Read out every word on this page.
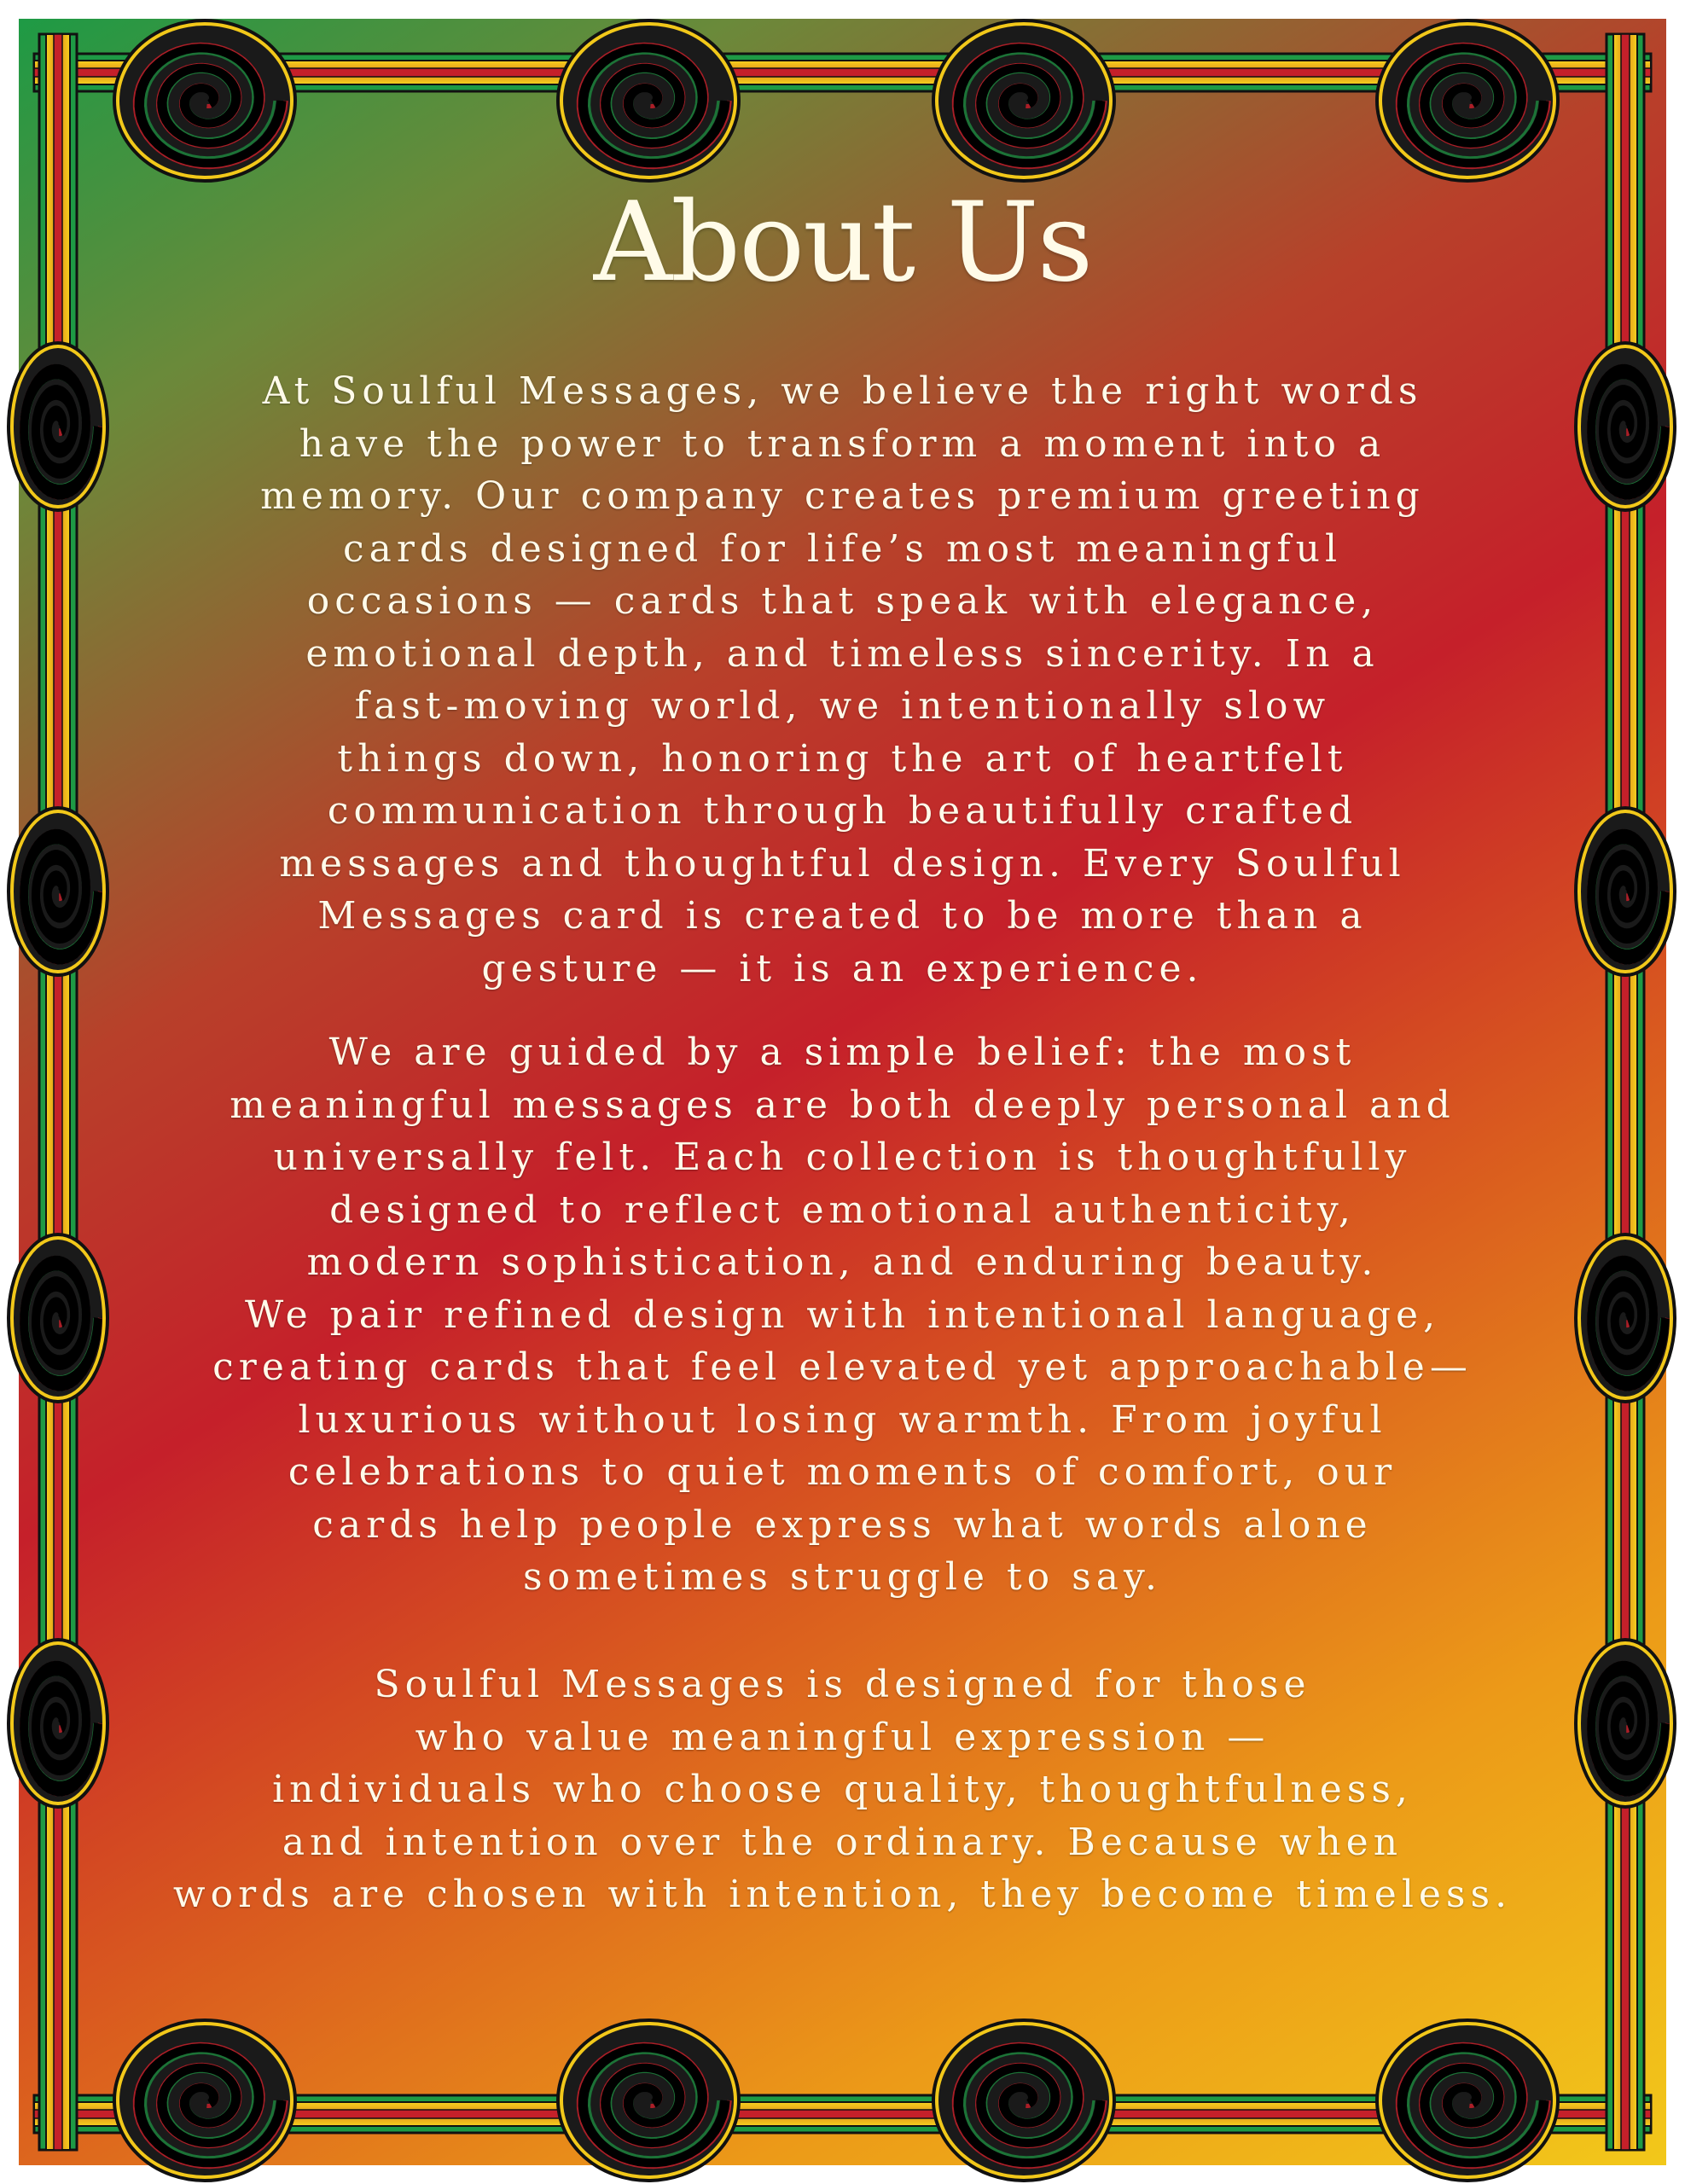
About Us
At Soulful Messages, we believe the right words
have the power to transform a moment into a
memory. Our company creates premium greeting
cards designed for life’s most meaningful
occasions — cards that speak with elegance,
emotional depth, and timeless sincerity. In a
fast-moving world, we intentionally slow
things down, honoring the art of heartfelt
communication through beautifully crafted
messages and thoughtful design. Every Soulful
Messages card is created to be more than a
gesture — it is an experience.
We are guided by a simple belief: the most
meaningful messages are both deeply personal and
universally felt. Each collection is thoughtfully
designed to reflect emotional authenticity,
modern sophistication, and enduring beauty.
We pair refined design with intentional language,
creating cards that feel elevated yet approachable—
luxurious without losing warmth. From joyful
celebrations to quiet moments of comfort, our
cards help people express what words alone
sometimes struggle to say.
Soulful Messages is designed for those
who value meaningful expression —
individuals who choose quality, thoughtfulness,
and intention over the ordinary. Because when
words are chosen with intention, they become timeless.
